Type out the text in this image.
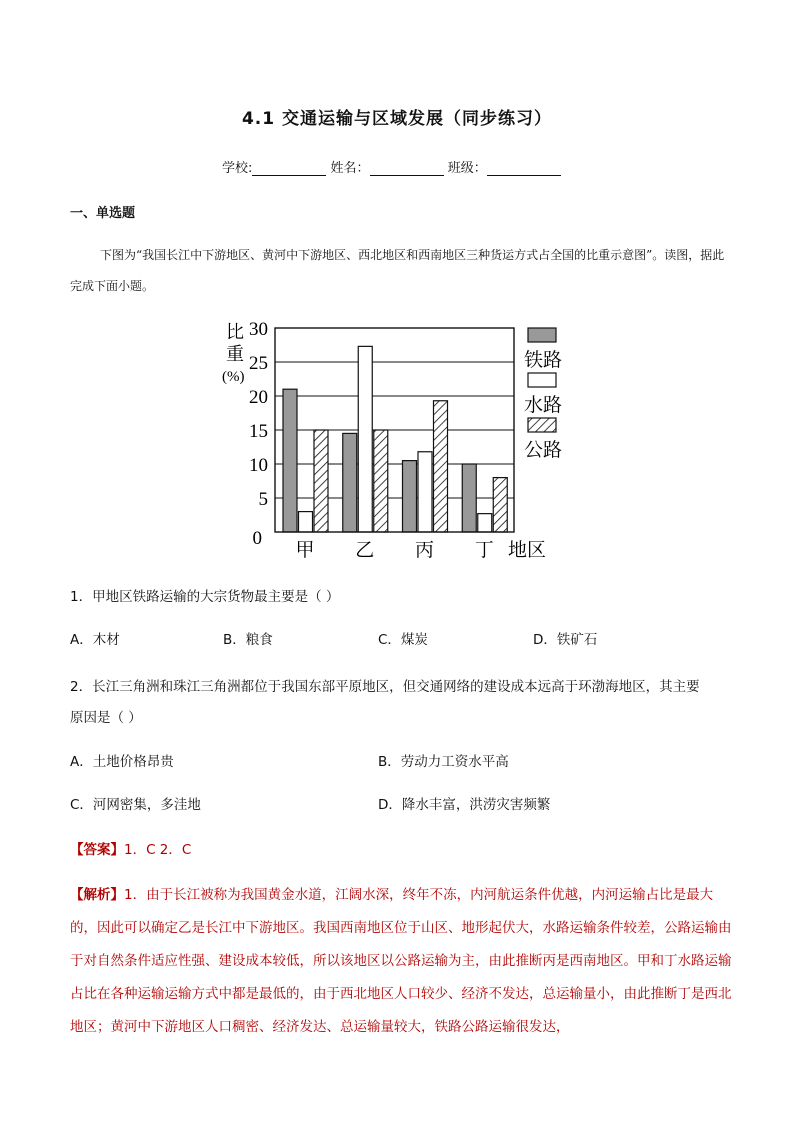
4.1 交通运输与区域发展（同步练习）
学校:	姓名：	班级：
一、单选题
下图为“我国长江中下游地区、黄河中下游地区、西北地区和西南地区三种货运方式占全国的比重示意图”。读图，据此完成下面小题。
0
5
10
15
20
25
30
甲 乙 丙 丁
比
重
(%)
地区
铁路
水路
公路
1．甲地区铁路运输的大宗货物最主要是（ ）
A．木材	B．粮食	C．煤炭	D．铁矿石
2．长江三角洲和珠江三角洲都位于我国东部平原地区，但交通网络的建设成本远高于环渤海地区，其主要
原因是（ ）
A．土地价格昂贵	B．劳动力工资水平高
C．河网密集，多洼地	D．降水丰富，洪涝灾害频繁
【答案】1．C 2．C
【解析】1．由于长江被称为我国黄金水道，江阔水深，终年不冻，内河航运条件优越，内河运输占比是最大的，因此可以确定乙是长江中下游地区。我国西南地区位于山区、地形起伏大，水路运输条件较差，公路运输由于对自然条件适应性强、建设成本较低，所以该地区以公路运输为主，由此推断丙是西南地区。甲和丁水路运输占比在各种运输运输方式中都是最低的，由于西北地区人口较少、经济不发达，总运输量小，由此推断丁是西北地区；黄河中下游地区人口稠密、经济发达、总运输量较大，铁路公路运输很发达，
